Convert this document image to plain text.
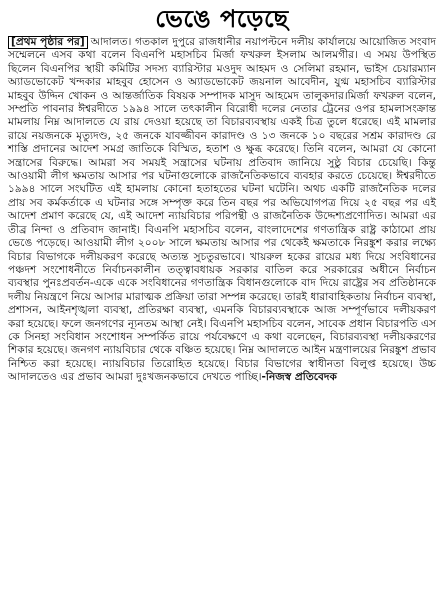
ভেঙে পড়েছে

[প্রথম পৃষ্ঠার পর] আদালত। গতকাল দুপুরে রাজধানীর নয়াপল্টনে দলীয় কার্যালয়ে আয়োজিত সংবাদ সম্মেলনে এসব কথা বলেন বিএনপি মহাসচিব মির্জা ফখরুল ইসলাম আলমগীর। এ সময় উপস্থিত ছিলেন বিএনপির স্থায়ী কমিটির সদস্য ব্যারিস্টার মওদুদ আহমদ ও সেলিমা রহমান, ভাইস চেয়ারম্যান অ্যাডভোকেট খন্দকার মাহবুব হোসেন ও অ্যাডভোকেট জয়নাল আবেদীন, যুগ্ম মহাসচিব ব্যারিস্টার মাহবুব উদ্দিন খোকন ও আন্তর্জাতিক বিষয়ক সম্পাদক মাসুদ আহমেদ তালুকদার।মির্জা ফখরুল বলেন, সম্প্রতি পাবনার ঈশ্বরদীতে ১৯৯৪ সালে তৎকালীন বিরোধী দলের নেতার ট্রেনের ওপর হামলাসংক্রান্ত মামলায় নিম্ন আদালতে যে রায় দেওয়া হয়েছে তা বিচারব্যবস্থায় একই চিত্র তুলে ধরেছে। এই মামলার রায়ে নয়জনকে মৃত্যুদণ্ড, ২৫ জনকে যাবজ্জীবন কারাদণ্ড ও ১৩ জনকে ১০ বছরের সশ্রম কারাদণ্ড রে শাস্তি প্রদানের আদেশ সমগ্র জাতিকে বিস্মিত, হতাশ ও ক্ষুব্ধ করেছে। তিনি বলেন, আমরা যে কোনো সন্ত্রাসের বিরুদ্ধে। আমরা সব সময়ই সন্ত্রাসের ঘটনায় প্রতিবাদ জানিয়ে সুষ্ঠু বিচার চেয়েছি। কিন্তু আওয়ামী লীগ ক্ষমতায় আসার পর ঘটনাগুলোকে রাজনৈতিকভাবে ব্যবহার করতে চেয়েছে। ঈশ্বরদীতে ১৯৯৪ সালে সংঘটিত এই হামলায় কোনো হতাহতের ঘটনা ঘটেনি। অথচ একটি রাজনৈতিক দলের প্রায় সব কর্মকর্তাকে এ ঘটনার সঙ্গে সম্পৃক্ত করে তিন বছর পর অভিযোগপত্র দিয়ে ২৫ বছর পর এই আদেশ প্রমাণ করেছে যে, এই আদেশ ন্যায়বিচার পরিপন্থী ও রাজনৈতিক উদ্দেশ্যপ্রণোদিত। আমরা এর তীব্র নিন্দা ও প্রতিবাদ জানাই। বিএনপি মহাসচিব বলেন, বাংলাদেশের গণতান্ত্রিক রাষ্ট্র কাঠামো প্রায় ভেঙে পড়েছে। আওয়ামী লীগ ২০০৮ সালে ক্ষমতায় আসার পর থেকেই ক্ষমতাকে নিরঙ্কুশ করার লক্ষ্যে বিচার বিভাগকে দলীয়করণ করেছে অত্যন্ত সুচতুরভাবে। খায়রুল হকের রায়ের মধ্য দিয়ে সংবিধানের পঞ্চদশ সংশোধনীতে নির্বাচনকালীন তত্ত্বাবধায়ক সরকার বাতিল করে সরকারের অধীনে নির্বাচন ব্যবস্থার পুনঃপ্রবর্তন-একে একে সংবিধানের গণতান্ত্রিক বিধানগুলোকে বাদ দিয়ে রাষ্ট্রের সব প্রতিষ্ঠানকে দলীয় নিয়ন্ত্রণে নিয়ে আসার মারাত্মক প্রক্রিয়া তারা সম্পন্ন করেছে। তারই ধারাবাহিকতায় নির্বাচন ব্যবস্থা, প্রশাসন, আইনশৃঙ্খলা ব্যবস্থা, প্রতিরক্ষা ব্যবস্থা, এমনকি বিচারব্যবস্থাকে আজ সম্পূর্ণভাবে দলীয়করণ করা হয়েছে। ফলে জনগণের ন্যূনতম আস্থা নেই। বিএনপি মহাসচিব বলেন, সাবেক প্রধান বিচারপতি এস কে সিনহা সংবিধান সংশোধন সম্পর্কিত রায়ে পর্যবেক্ষণে এ কথা বলেছেন, বিচারব্যবস্থা দলীয়করণের শিকার হয়েছে। জনগণ ন্যায়বিচার থেকে বঞ্চিত হয়েছে। নিম্ন আদালতে আইন মন্ত্রণালয়ের নিরঙ্কুশ প্রভাব নিশ্চিত করা হয়েছে। ন্যায়বিচার তিরোহিত হয়েছে। বিচার বিভাগের স্বাধীনতা বিলুপ্ত হয়েছে। উচ্চ আদালতেও এর প্রভাব আমরা দুঃখজনকভাবে দেখতে পাচ্ছি।-নিজস্ব প্রতিবেদক
